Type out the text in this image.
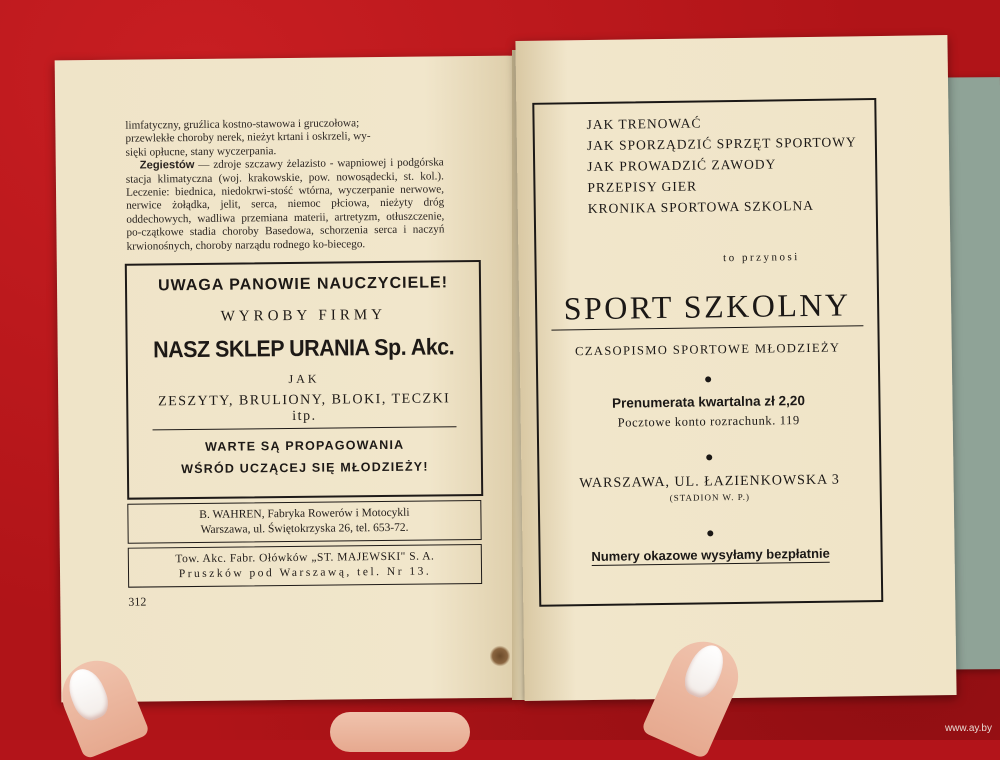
limfatyczny, gruźlica kostno-stawowa i gruczołowa;

przewlekłe choroby nerek, nieżyt krtani i oskrzeli, wy-

sięki opłucne, stany wyczerpania.

Zegiestów — zdroje szczawy żelazisto - wapniowej i podgórska stacja klimatyczna (woj. krakowskie, pow. nowosądecki, st. kol.). Leczenie: biednica, niedokrwi-stość wtórna, wyczerpanie nerwowe, nerwice żołądka, jelit, serca, niemoc płciowa, nieżyty dróg oddechowych, wadliwa przemiana materii, artretyzm, otłuszczenie, po-czątkowe stadia choroby Basedowa, schorzenia serca i naczyń krwionośnych, choroby narządu rodnego ko-biecego.

UWAGA PANOWIE NAUCZYCIELE!
WYROBY FIRMY
NASZ SKLEP URANIA Sp. Akc.
JAK
ZESZYTY, BRULIONY, BLOKI, TECZKI itp.
WARTE SĄ PROPAGOWANIA
WŚRÓD UCZĄCEJ SIĘ MŁODZIEŻY!
B. WAHREN, Fabryka Rowerów i Motocykli
Warszawa, ul. Świętokrzyska 26, tel. 653-72.
Tow. Akc. Fabr. Ołówków „ST. MAJEWSKI" S. A.
Pruszków pod Warszawą, tel. Nr 13.
312
JAK TRENOWAĆ
JAK SPORZĄDZIĆ SPRZĘT SPORTOWY
JAK PROWADZIĆ ZAWODY
PRZEPISY GIER
KRONIKA SPORTOWA SZKOLNA
to przynosi
SPORT SZKOLNY
CZASOPISMO SPORTOWE MŁODZIEŻY
Prenumerata kwartalna zł 2,20
Pocztowe konto rozrachunk. 119
WARSZAWA, UL. ŁAZIENKOWSKA 3
(STADION W. P.)
Numery okazowe wysyłamy bezpłatnie
www.ay.by
